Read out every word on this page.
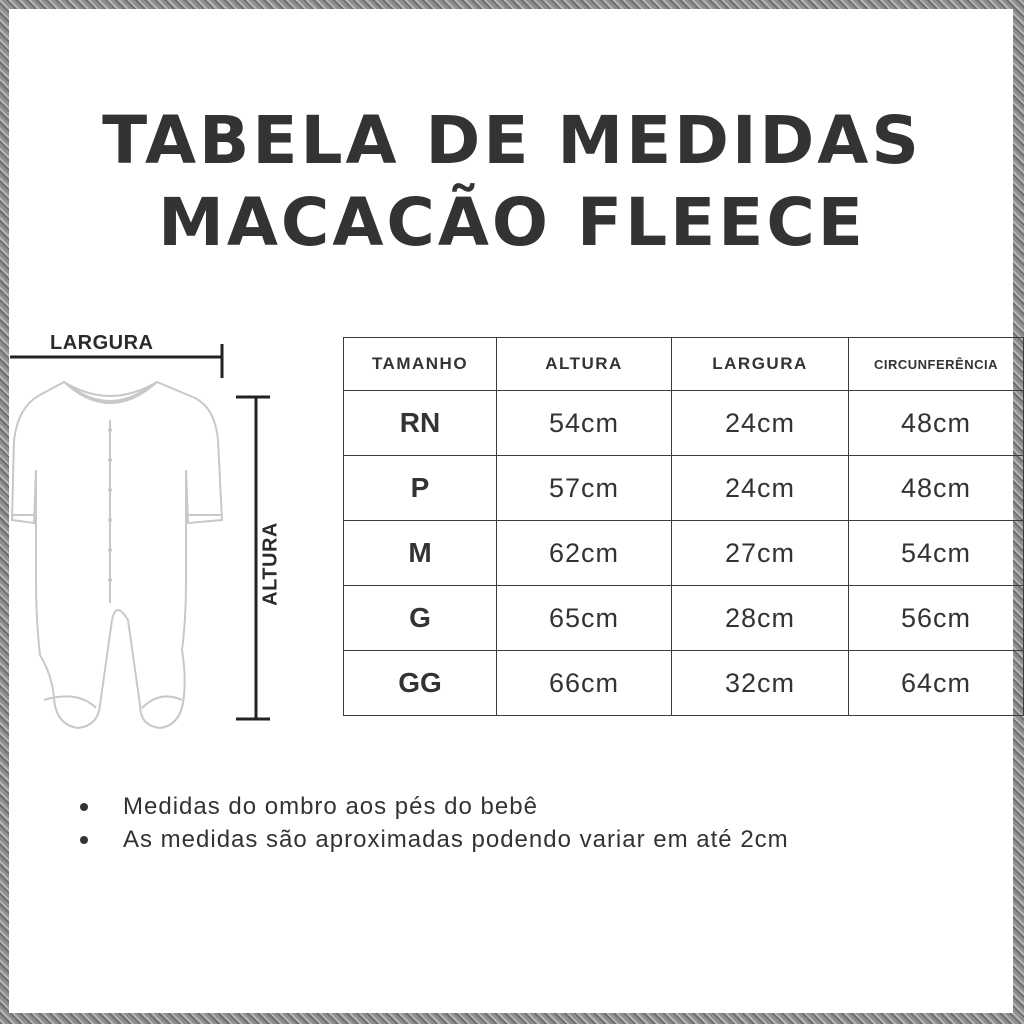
TABELA DE MEDIDAS
MACACÃO FLEECE
LARGURA
ALTURA
TAMANHO	ALTURA	LARGURA	CIRCUNFERÊNCIA
RN	54cm	24cm	48cm
P	57cm	24cm	48cm
M	62cm	27cm	54cm
G	65cm	28cm	56cm
GG	66cm	32cm	64cm
Medidas do ombro aos pés do bebê
As medidas são aproximadas podendo variar em até 2cm
